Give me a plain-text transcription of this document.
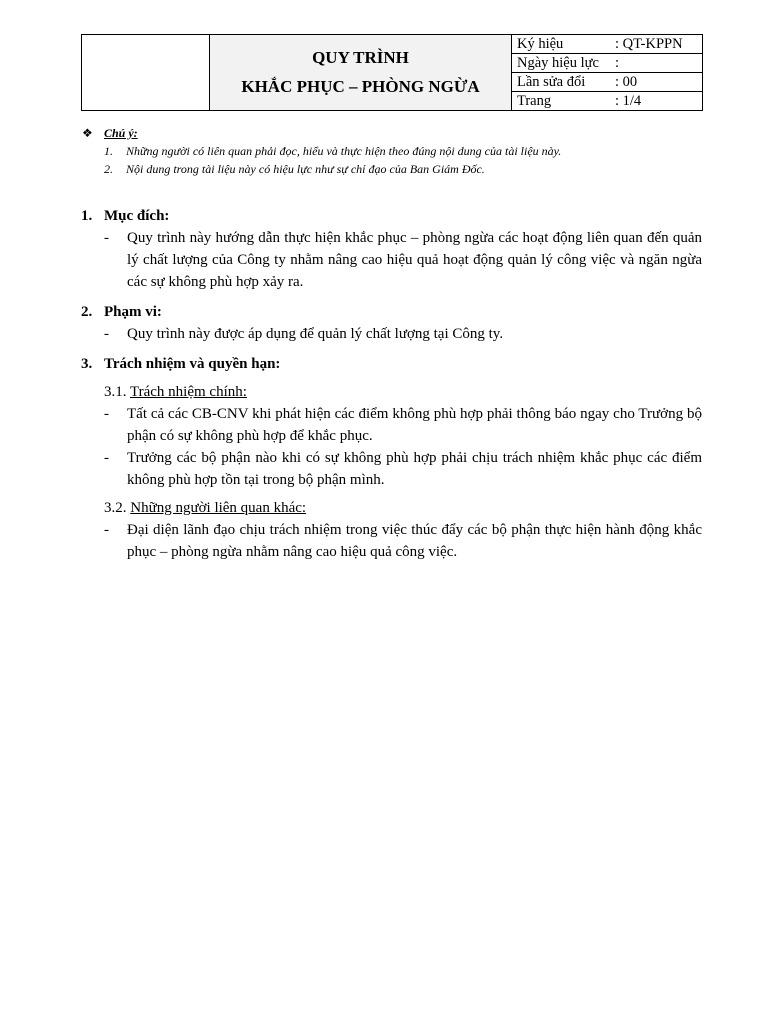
QUY TRÌNH
KHẮC PHỤC – PHÒNG NGỪA
Ký hiệu	: QT-KPPN
Ngày hiệu lực	:
Lần sửa đổi	: 00
Trang	: 1/4
❖ Chú ý:
1.	Những người có liên quan phải đọc, hiểu và thực hiện theo đúng nội dung của tài liệu này.
2.	Nội dung trong tài liệu này có hiệu lực như sự chỉ đạo của Ban Giám Đốc.
1. Mục đích:
-	Quy trình này hướng dẫn thực hiện khắc phục – phòng ngừa các hoạt động liên quan đến quản lý chất lượng của Công ty nhằm nâng cao hiệu quả hoạt động quản lý công việc và ngăn ngừa các sự không phù hợp xảy ra.
2. Phạm vi:
-	Quy trình này được áp dụng để quản lý chất lượng tại Công ty.
3. Trách nhiệm và quyền hạn:
3.1. Trách nhiệm chính:
-	Tất cả các CB-CNV khi phát hiện các điểm không phù hợp phải thông báo ngay cho Trưởng bộ phận có sự không phù hợp để khắc phục.
-	Trưởng các bộ phận nào khi có sự không phù hợp phải chịu trách nhiệm khắc phục các điểm không phù hợp tồn tại trong bộ phận mình.
3.2. Những người liên quan khác:
-	Đại diện lãnh đạo chịu trách nhiệm trong việc thúc đẩy các bộ phận thực hiện hành động khắc phục – phòng ngừa nhằm nâng cao hiệu quả công việc.
